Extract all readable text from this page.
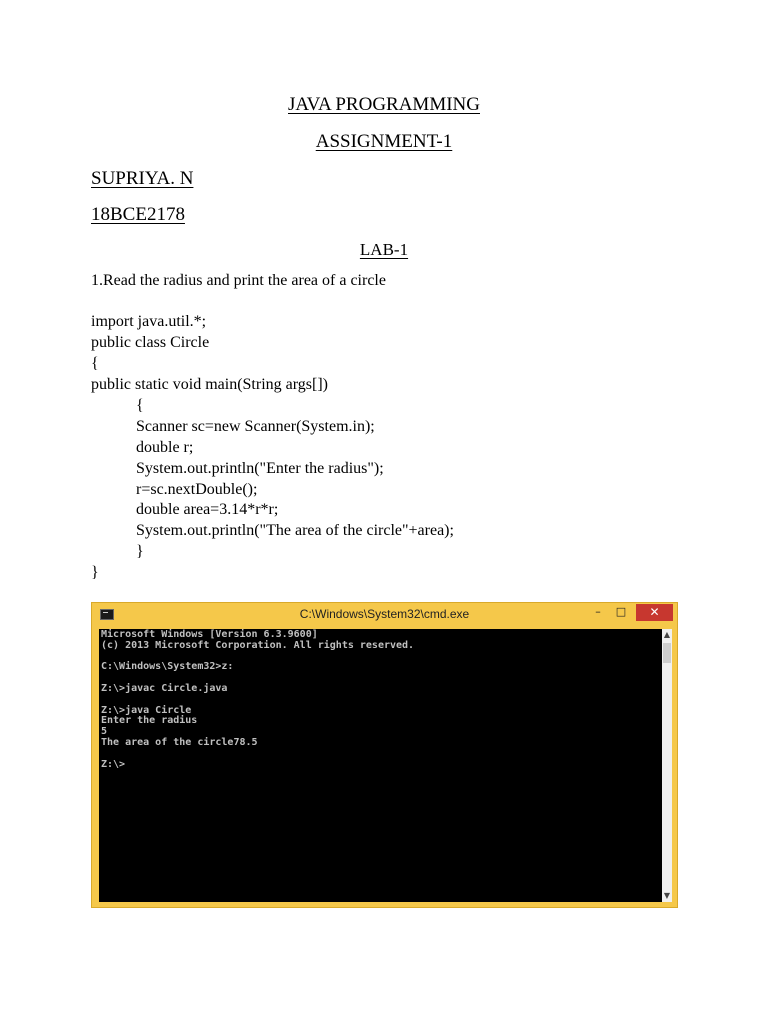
JAVA PROGRAMMING
ASSIGNMENT-1
SUPRIYA. N
18BCE2178
LAB-1
1.Read the radius and print the area of a circle
import java.util.*;
public class Circle
{
public static void main(String args[])
{
Scanner sc=new Scanner(System.in);
double r;
System.out.println("Enter the radius");
r=sc.nextDouble();
double area=3.14*r*r;
System.out.println("The area of the circle"+area);
}
}
C:\Windows\System32\cmd.exe	–	□	✕
Microsoft Windows [Version 6.3.9600]
(c) 2013 Microsoft Corporation. All rights reserved.

C:\Windows\System32>z:

Z:\>javac Circle.java

Z:\>java Circle
Enter the radius
5
The area of the circle78.5

Z:\>
▲
▼
